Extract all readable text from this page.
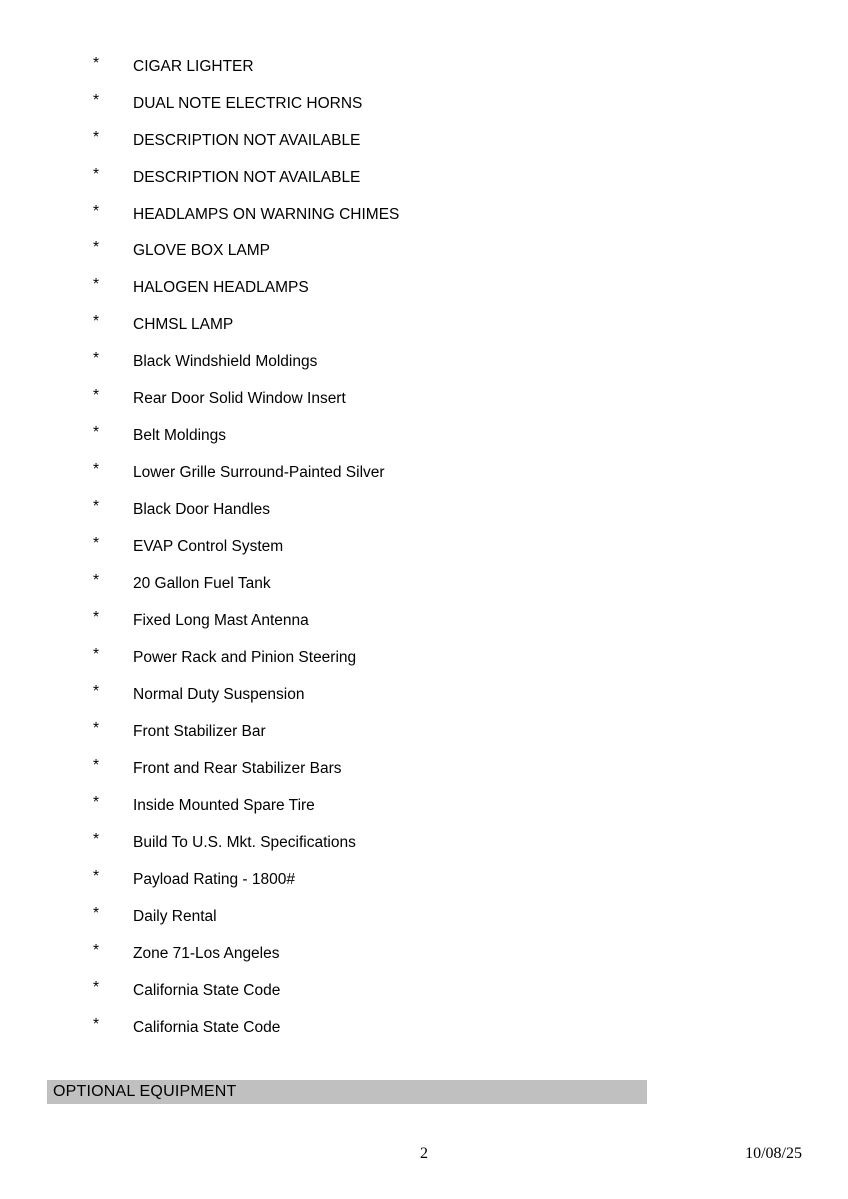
*	CIGAR LIGHTER
*	DUAL NOTE ELECTRIC HORNS
*	DESCRIPTION NOT AVAILABLE
*	DESCRIPTION NOT AVAILABLE
*	HEADLAMPS ON WARNING CHIMES
*	GLOVE BOX LAMP
*	HALOGEN HEADLAMPS
*	CHMSL LAMP
*	Black Windshield Moldings
*	Rear Door Solid Window Insert
*	Belt Moldings
*	Lower Grille Surround-Painted Silver
*	Black Door Handles
*	EVAP Control System
*	20 Gallon Fuel Tank
*	Fixed Long Mast Antenna
*	Power Rack and Pinion Steering
*	Normal Duty Suspension
*	Front Stabilizer Bar
*	Front and Rear Stabilizer Bars
*	Inside Mounted Spare Tire
*	Build To U.S. Mkt. Specifications
*	Payload Rating - 1800#
*	Daily Rental
*	Zone 71-Los Angeles
*	California State Code
*	California State Code
OPTIONAL EQUIPMENT
2	10/08/25
